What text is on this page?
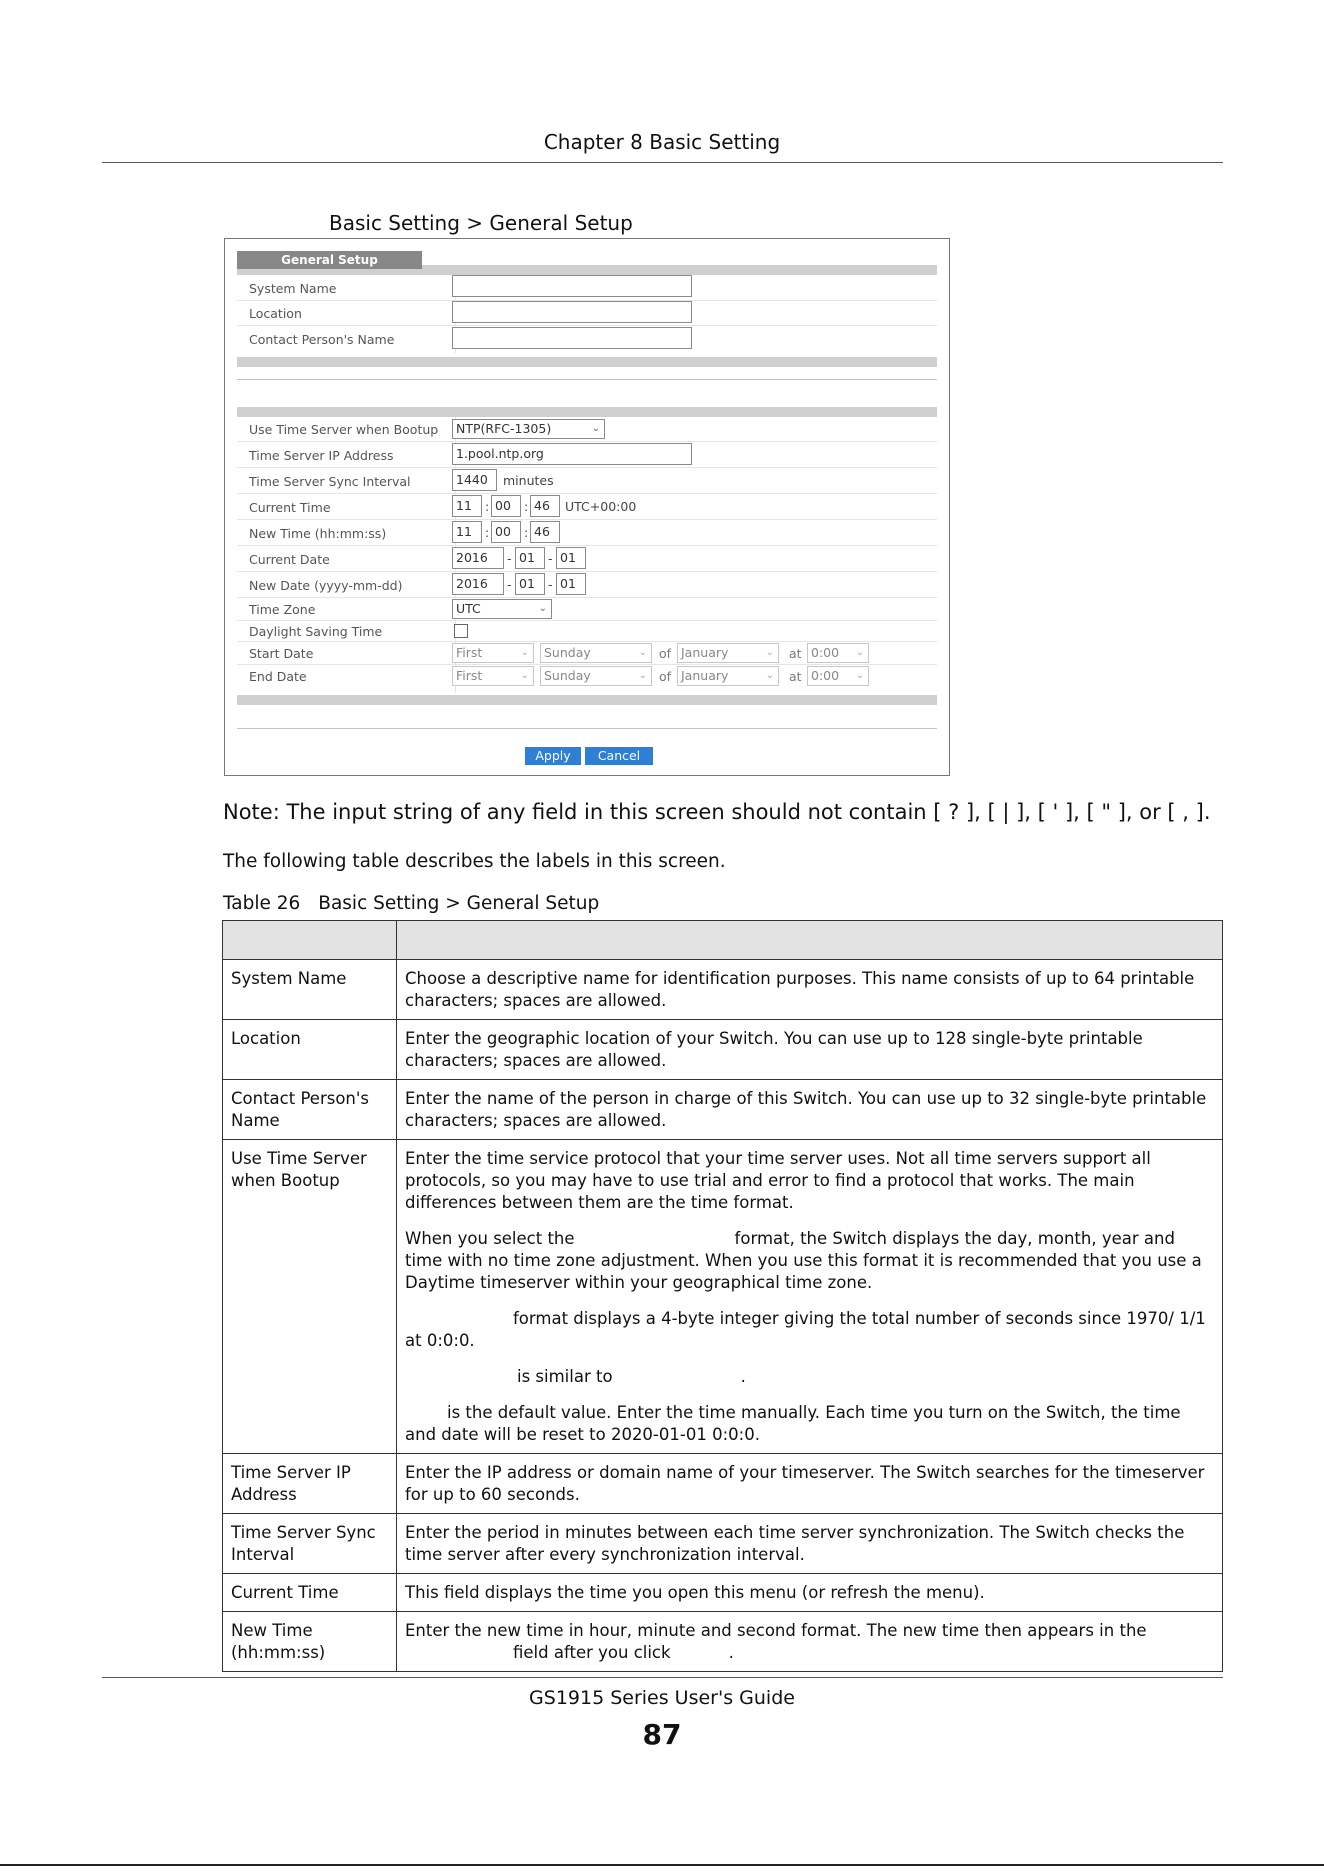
Chapter 8 Basic Setting
Basic Setting > General Setup
General Setup
System Name
Location
Contact Person's Name
Use Time Server when Bootup	NTP(RFC-1305)	⌄
Time Server IP Address	1.pool.ntp.org
Time Server Sync Interval	1440	minutes
Current Time	11	: 00	: 46	UTC+00:00
New Time (hh:mm:ss)	11	: 00	: 46
Current Date	2016	- 01	- 01
New Date (yyyy-mm-dd)	2016	- 01	- 01
Time Zone	UTC	⌄
Daylight Saving Time
Start Date	First	⌄	Sunday	⌄ of January	⌄ at 0:00 ⌄
End Date	First	⌄	Sunday	⌄ of January	⌄ at 0:00 ⌄
Apply	Cancel
Note: The input string of any field in this screen should not contain [ ? ], [ | ], [ ' ], [ " ], or [ , ].
The following table describes the labels in this screen.
Table 26 Basic Setting > General Setup

System Name	Choose a descriptive name for identification purposes. This name consists of up to 64 printable characters; spaces are allowed.
Location	Enter the geographic location of your Switch. You can use up to 128 single-byte printable characters; spaces are allowed.
Contact Person's Name	Enter the name of the person in charge of this Switch. You can use up to 32 single-byte printable characters; spaces are allowed.
Use Time Server when Bootup	Enter the time service protocol that your time server uses. Not all time servers support all protocols, so you may have to use trial and error to find a protocol that works. The main differences between them are the time format.

When you select the format, the Switch displays the day, month, year and time with no time zone adjustment. When you use this format it is recommended that you use a Daytime timeserver within your geographical time zone.

format displays a 4-byte integer giving the total number of seconds since 1970/ 1/1 at 0:0:0.

is similar to .

is the default value. Enter the time manually. Each time you turn on the Switch, the time and date will be reset to 2020-01-01 0:0:0.

Time Server IP Address	Enter the IP address or domain name of your timeserver. The Switch searches for the timeserver for up to 60 seconds.
Time Server Sync Interval	Enter the period in minutes between each time server synchronization. The Switch checks the time server after every synchronization interval.
Current Time	This field displays the time you open this menu (or refresh the menu).
New Time (hh:mm:ss)	Enter the new time in hour, minute and second format. The new time then appears in the field after you click .
GS1915 Series User's Guide
87
